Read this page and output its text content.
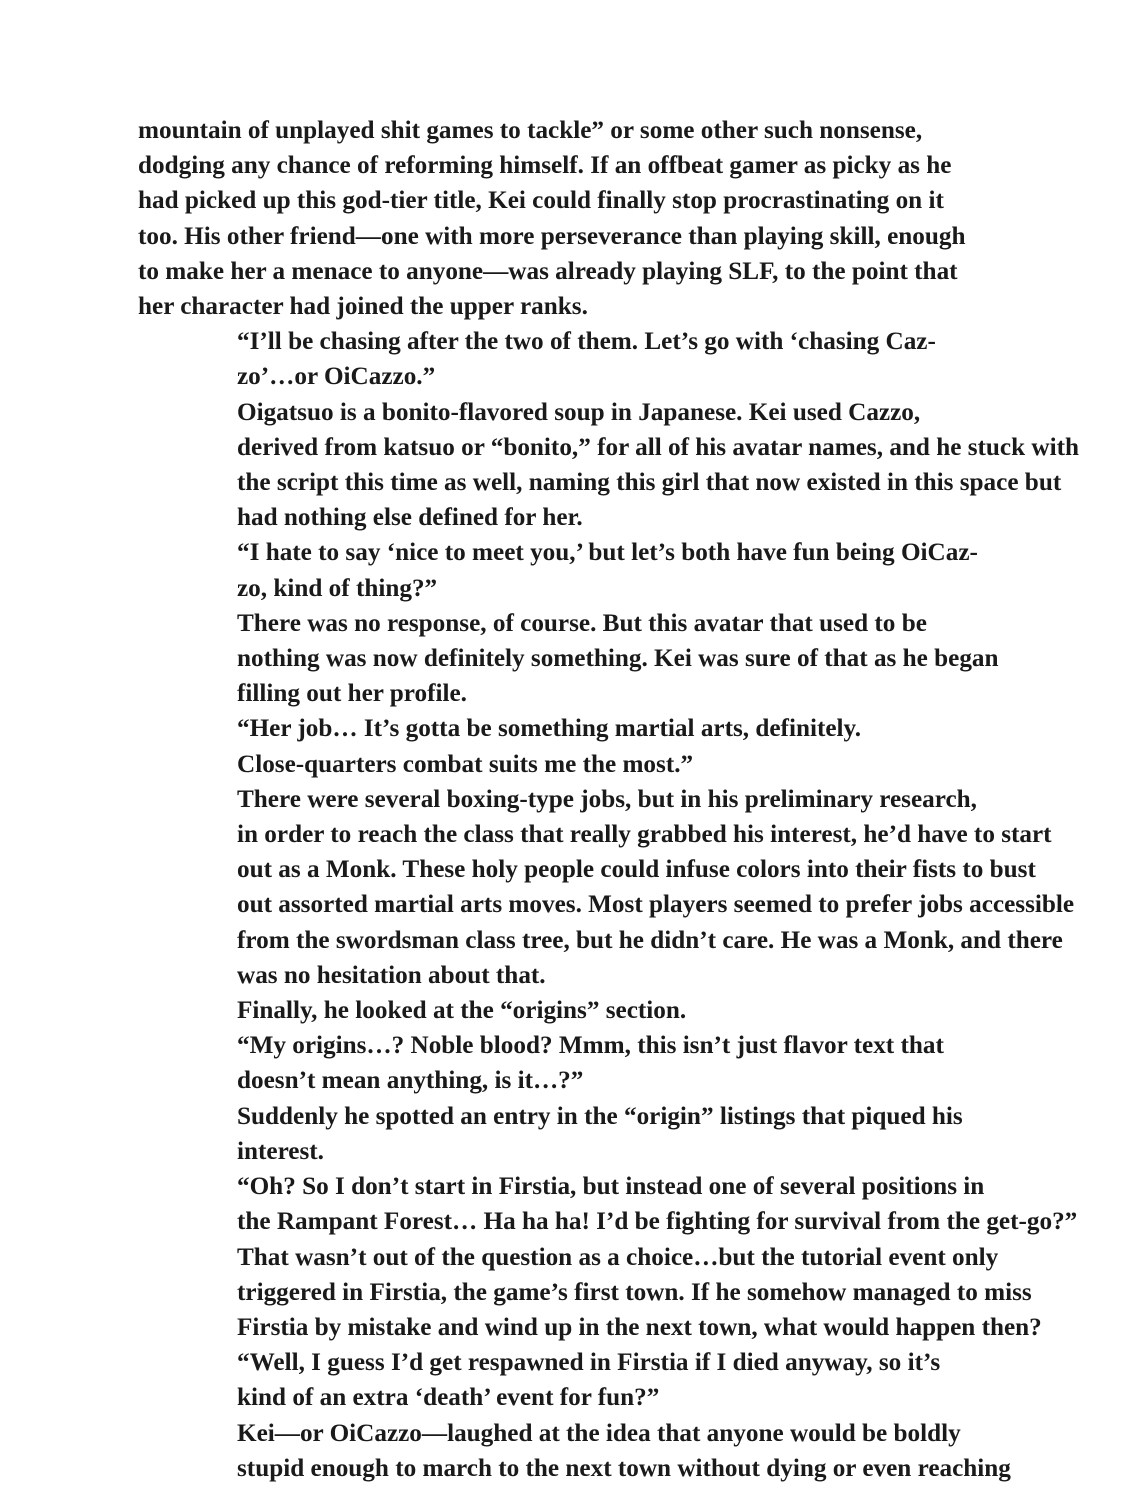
mountain of unplayed shit games to tackle” or some other such nonsense,
dodging any chance of reforming himself. If an offbeat gamer as picky as he
had picked up this god-tier title, Kei could finally stop procrastinating on it
too. His other friend—one with more perseverance than playing skill, enough
to make her a menace to anyone—was already playing SLF, to the point that
her character had joined the upper ranks.

“I’ll be chasing after the two of them. Let’s go with ‘chasing Caz-
zo’…or OiCazzo.”

Oigatsuo is a bonito-flavored soup in Japanese. Kei used Cazzo,
derived from katsuo or “bonito,” for all of his avatar names, and he stuck with
the script this time as well, naming this girl that now existed in this space but
had nothing else defined for her.

“I hate to say ‘nice to meet you,’ but let’s both have fun being OiCaz-
zo, kind of thing?”

There was no response, of course. But this avatar that used to be
nothing was now definitely something. Kei was sure of that as he began
filling out her profile.

“Her job… It’s gotta be something martial arts, definitely.
Close-quarters combat suits me the most.”

There were several boxing-type jobs, but in his preliminary research,
in order to reach the class that really grabbed his interest, he’d have to start
out as a Monk. These holy people could infuse colors into their fists to bust
out assorted martial arts moves. Most players seemed to prefer jobs accessible
from the swordsman class tree, but he didn’t care. He was a Monk, and there
was no hesitation about that.

Finally, he looked at the “origins” section.

“My origins…? Noble blood? Mmm, this isn’t just flavor text that
doesn’t mean anything, is it…?”

Suddenly he spotted an entry in the “origin” listings that piqued his
interest.

“Oh? So I don’t start in Firstia, but instead one of several positions in
the Rampant Forest… Ha ha ha! I’d be fighting for survival from the get-go?”
That wasn’t out of the question as a choice…but the tutorial event only
triggered in Firstia, the game’s first town. If he somehow managed to miss
Firstia by mistake and wind up in the next town, what would happen then?

“Well, I guess I’d get respawned in Firstia if I died anyway, so it’s
kind of an extra ‘death’ event for fun?”

Kei—or OiCazzo—laughed at the idea that anyone would be boldly
stupid enough to march to the next town without dying or even reaching
